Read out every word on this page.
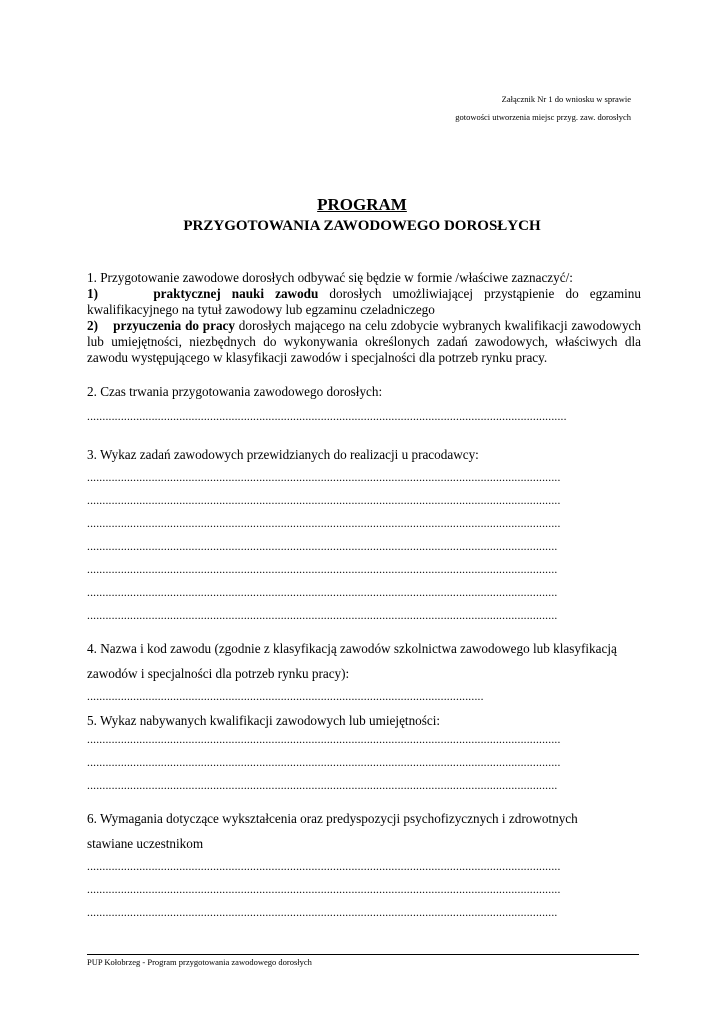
Załącznik Nr 1 do wniosku w sprawie
gotowości utworzenia miejsc przyg. zaw. dorosłych
PROGRAM
PRZYGOTOWANIA ZAWODOWEGO DOROSŁYCH

1. Przygotowanie zawodowe dorosłych odbywać się będzie w formie /właściwe zaznaczyć/:

1)	praktycznej nauki zawodu dorosłych umożliwiającej przystąpienie do egzaminu kwalifikacyjnego na tytuł zawodowy lub egzaminu czeladniczego

2) przyuczenia do pracy dorosłych mającego na celu zdobycie wybranych kwalifikacji zawodowych lub umiejętności, niezbędnych do wykonywania określonych zadań zawodowych, właściwych dla zawodu występującego w klasyfikacji zawodów i specjalności dla potrzeb rynku pracy.

2. Czas trwania przygotowania zawodowego dorosłych:

............................................................................................................................................................

3. Wykaz zadań zawodowych przewidzianych do realizacji u pracodawcy:

..........................................................................................................................................................
..........................................................................................................................................................
..........................................................................................................................................................
.........................................................................................................................................................
.........................................................................................................................................................
.........................................................................................................................................................
.........................................................................................................................................................

4. Nazwa i kod zawodu (zgodnie z klasyfikacją zawodów szkolnictwa zawodowego lub klasyfikacją
zawodów i specjalności dla potrzeb rynku pracy):

.................................................................................................................................

5. Wykaz nabywanych kwalifikacji zawodowych lub umiejętności:

..........................................................................................................................................................
..........................................................................................................................................................
.........................................................................................................................................................

6. Wymagania dotyczące wykształcenia oraz predyspozycji psychofizycznych i zdrowotnych
stawiane uczestnikom

..........................................................................................................................................................
..........................................................................................................................................................
.........................................................................................................................................................
PUP Kołobrzeg - Program przygotowania zawodowego dorosłych
